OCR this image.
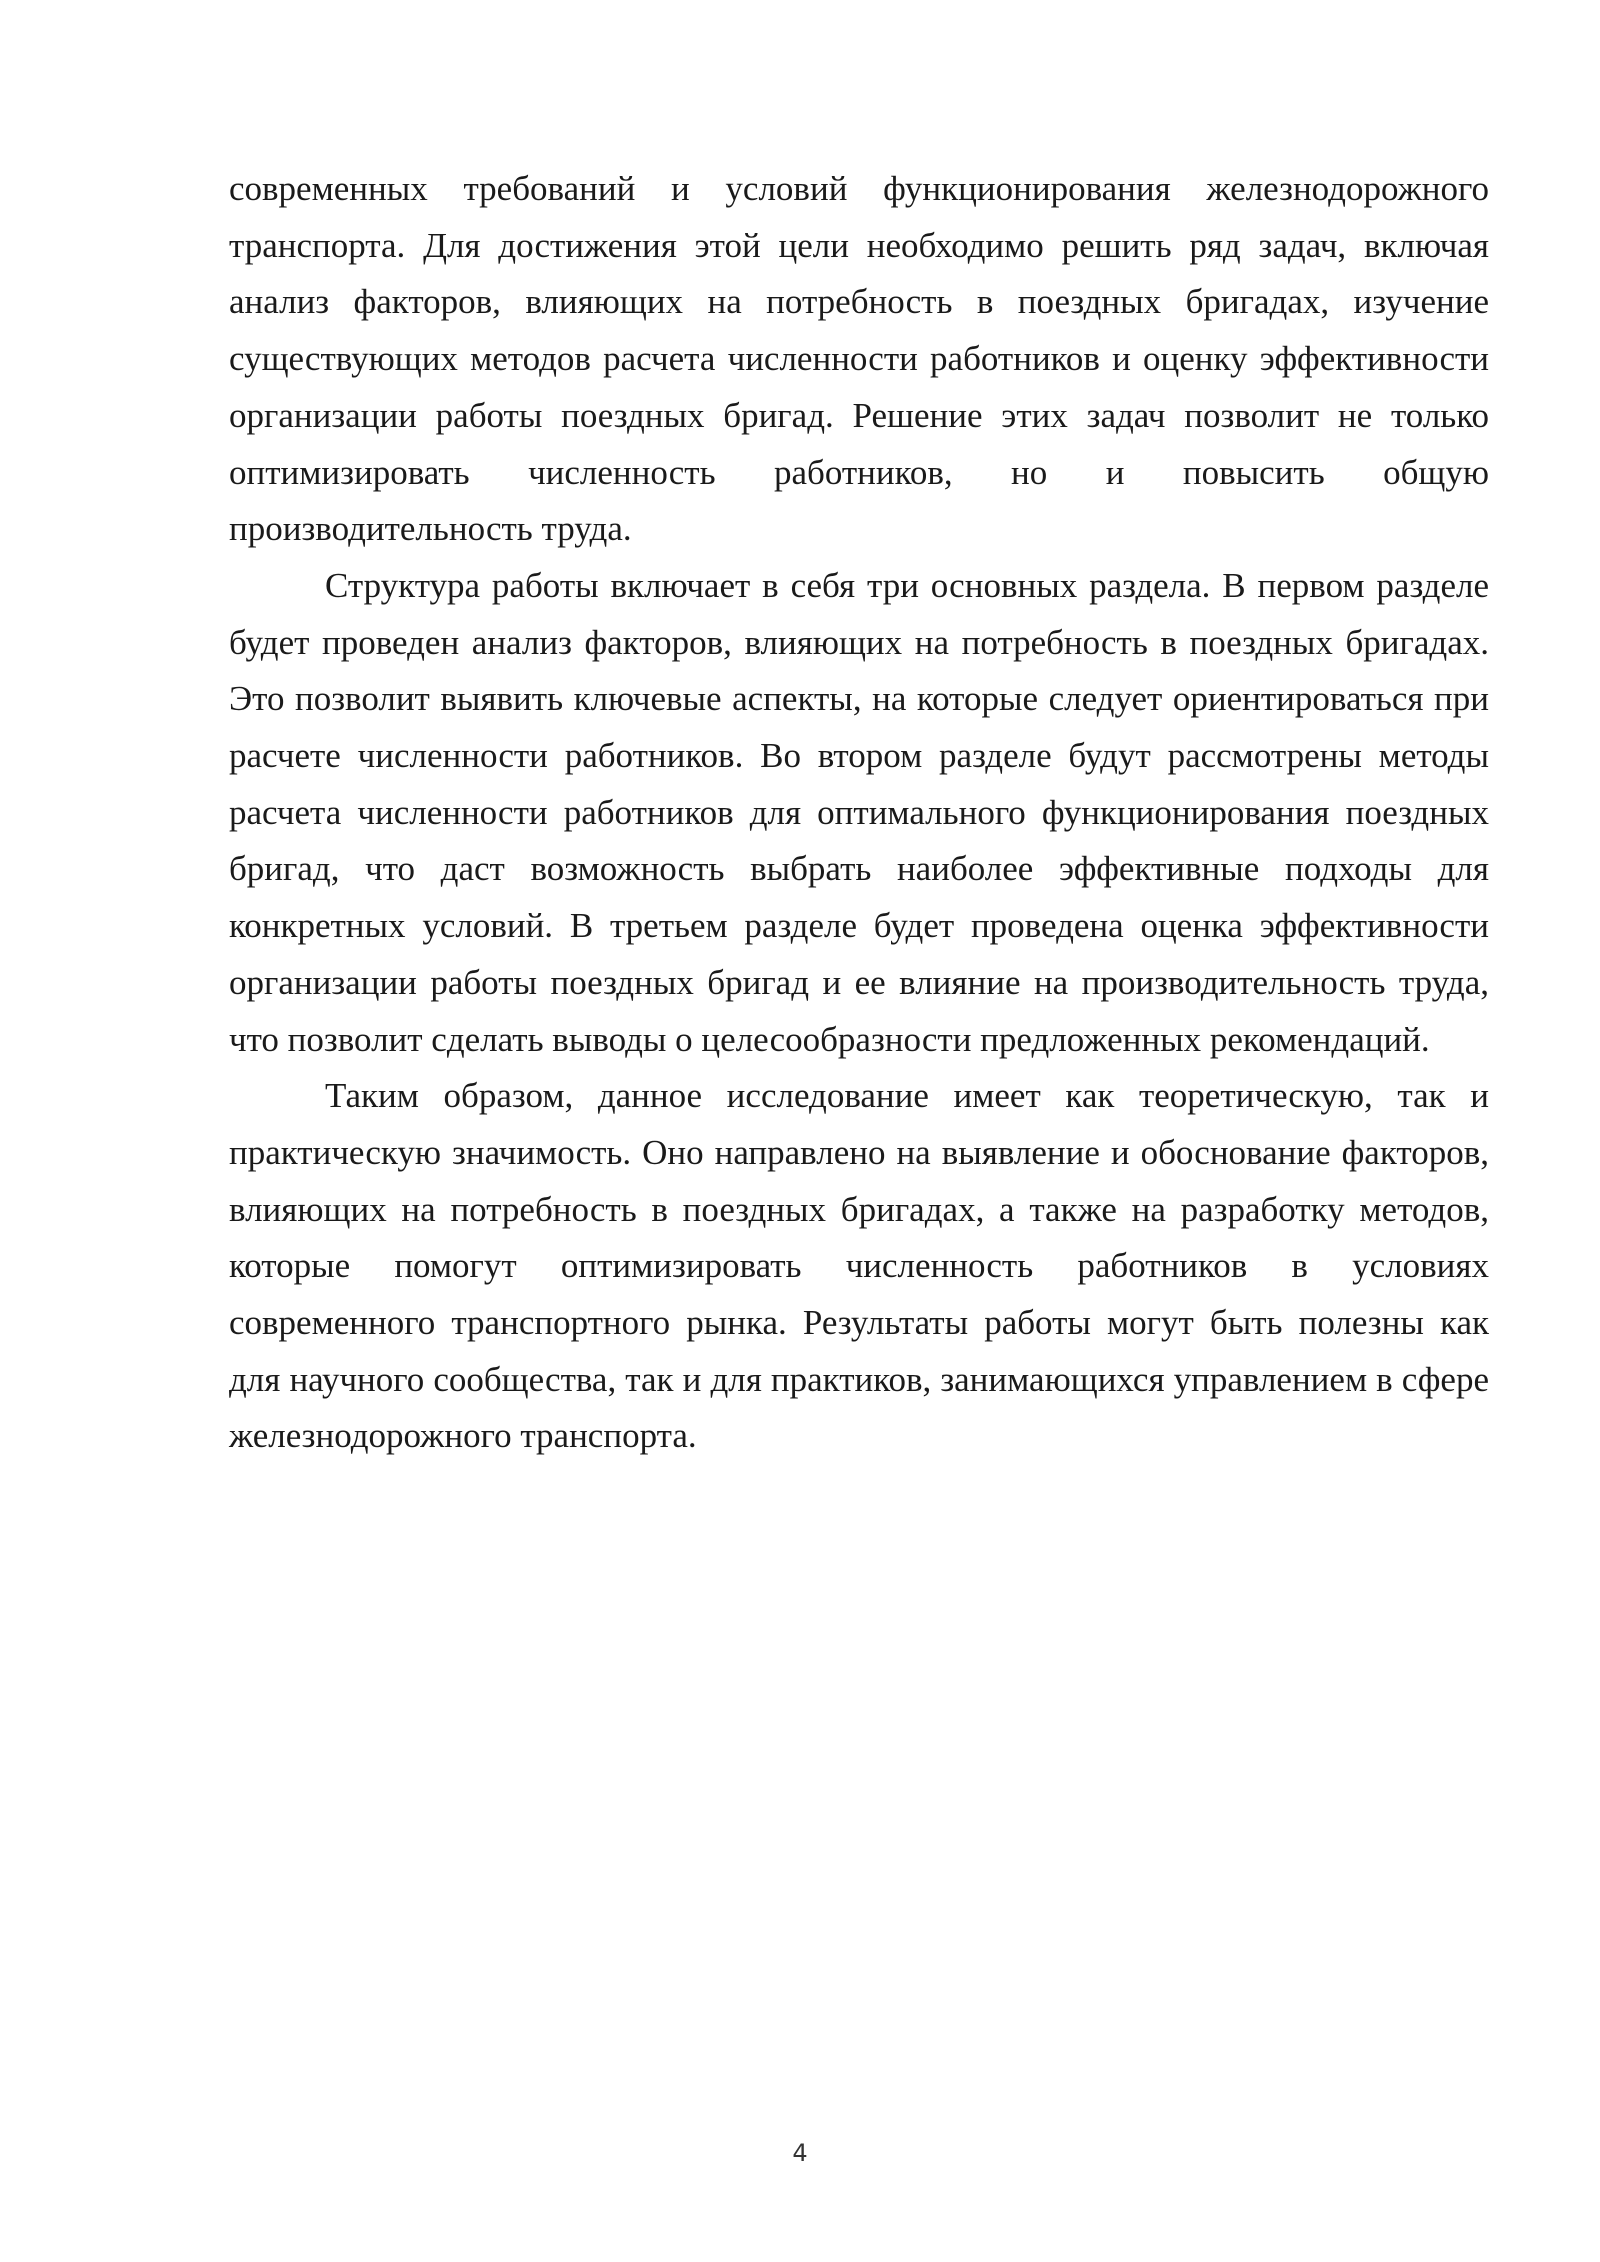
современных требований и условий функционирования железнодорожного транспорта. Для достижения этой цели необходимо решить ряд задач, включая анализ факторов, влияющих на потребность в поездных бригадах, изучение существующих методов расчета численности работников и оценку эффективности организации работы поездных бригад. Решение этих задач позволит не только оптимизировать численность работников, но и повысить общую производительность труда.

Структура работы включает в себя три основных раздела. В первом разделе будет проведен анализ факторов, влияющих на потребность в поездных бригадах. Это позволит выявить ключевые аспекты, на которые следует ориентироваться при расчете численности работников. Во втором разделе будут рассмотрены методы расчета численности работников для оптимального функционирования поездных бригад, что даст возможность выбрать наиболее эффективные подходы для конкретных условий. В третьем разделе будет проведена оценка эффективности организации работы поездных бригад и ее влияние на производительность труда, что позволит сделать выводы о целесообразности предложенных рекомендаций.

Таким образом, данное исследование имеет как теоретическую, так и практическую значимость. Оно направлено на выявление и обоснование факторов, влияющих на потребность в поездных бригадах, а также на разработку методов, которые помогут оптимизировать численность работников в условиях современного транспортного рынка. Результаты работы могут быть полезны как для научного сообщества, так и для практиков, занимающихся управлением в сфере железнодорожного транспорта.

4
